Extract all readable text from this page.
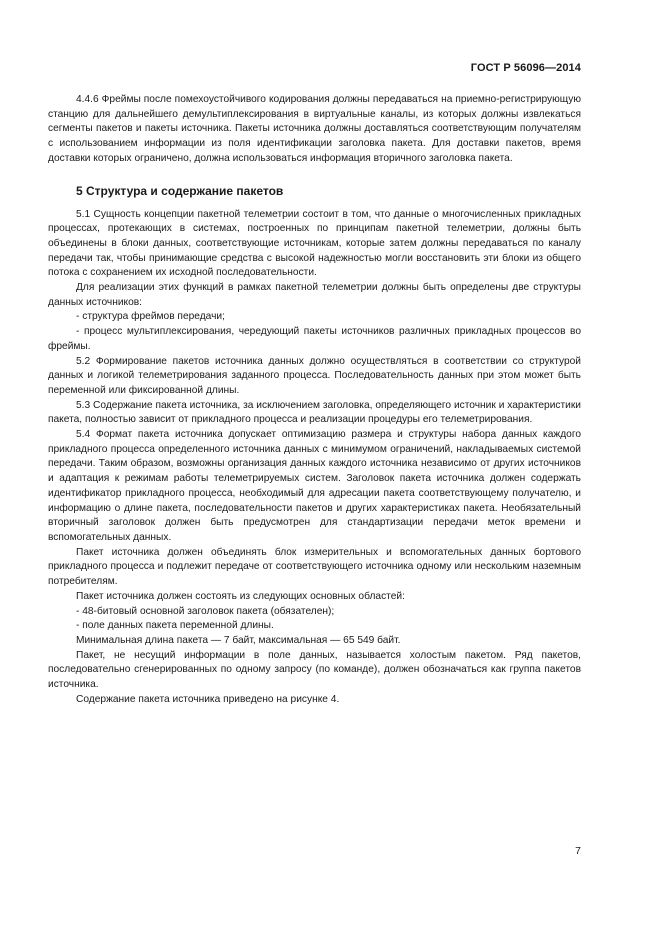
ГОСТ Р 56096—2014

4.4.6 Фреймы после помехоустойчивого кодирования должны передаваться на приемно-регистрирующую станцию для дальнейшего демультиплексирования в виртуальные каналы, из которых должны извлекаться сегменты пакетов и пакеты источника. Пакеты источника должны доставляться соответствующим получателям с использованием информации из поля идентификации заголовка пакета. Для доставки пакетов, время доставки которых ограничено, должна использоваться информация вторичного заголовка пакета.

5 Структура и содержание пакетов

5.1 Сущность концепции пакетной телеметрии состоит в том, что данные о многочисленных прикладных процессах, протекающих в системах, построенных по принципам пакетной телеметрии, должны быть объединены в блоки данных, соответствующие источникам, которые затем должны передаваться по каналу передачи так, чтобы принимающие средства с высокой надежностью могли восстановить эти блоки из общего потока с сохранением их исходной последовательности.

Для реализации этих функций в рамках пакетной телеметрии должны быть определены две структуры данных источников:

- структура фреймов передачи;

- процесс мультиплексирования, чередующий пакеты источников различных прикладных процессов во фреймы.

5.2 Формирование пакетов источника данных должно осуществляться в соответствии со структурой данных и логикой телеметрирования заданного процесса. Последовательность данных при этом может быть переменной или фиксированной длины.

5.3 Содержание пакета источника, за исключением заголовка, определяющего источник и характеристики пакета, полностью зависит от прикладного процесса и реализации процедуры его телеметрирования.

5.4 Формат пакета источника допускает оптимизацию размера и структуры набора данных каждого прикладного процесса определенного источника данных с минимумом ограничений, накладываемых системой передачи. Таким образом, возможны организация данных каждого источника независимо от других источников и адаптация к режимам работы телеметрируемых систем. Заголовок пакета источника должен содержать идентификатор прикладного процесса, необходимый для адресации пакета соответствующему получателю, и информацию о длине пакета, последовательности пакетов и других характеристиках пакета. Необязательный вторичный заголовок должен быть предусмотрен для стандартизации передачи меток времени и вспомогательных данных.

Пакет источника должен объединять блок измерительных и вспомогательных данных бортового прикладного процесса и подлежит передаче от соответствующего источника одному или нескольким наземным потребителям.

Пакет источника должен состоять из следующих основных областей:

- 48-битовый основной заголовок пакета (обязателен);

- поле данных пакета переменной длины.

Минимальная длина пакета — 7 байт, максимальная — 65 549 байт.

Пакет, не несущий информации в поле данных, называется холостым пакетом. Ряд пакетов, последовательно сгенерированных по одному запросу (по команде), должен обозначаться как группа пакетов источника.

Содержание пакета источника приведено на рисунке 4.

7
